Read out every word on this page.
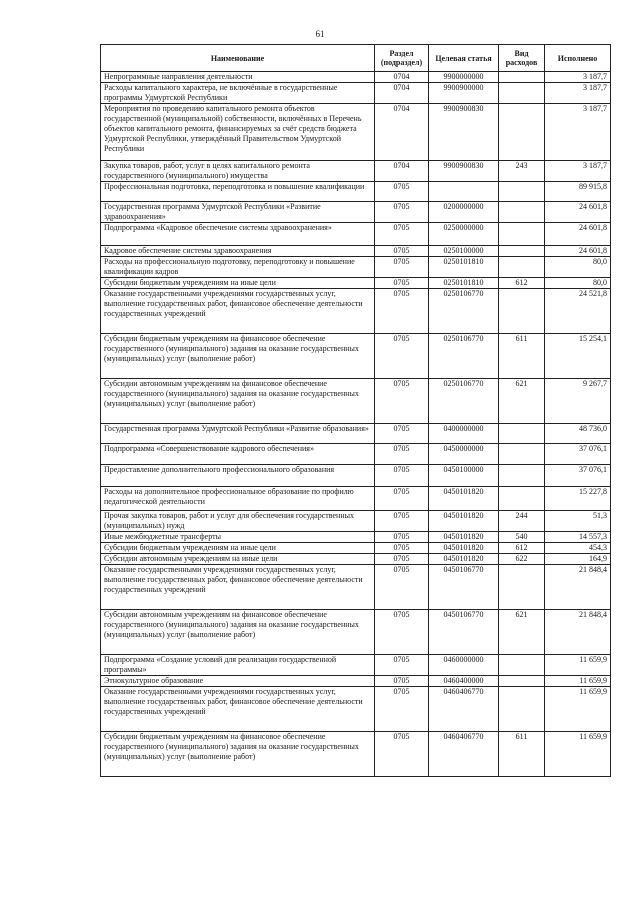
61
Наименование	Раздел (подраздел)	Целевая статья	Вид расходов	Исполнено
Непрограммные направления деятельности	0704	9900000000		3 187,7
Расходы капитального характера, не включённые в государственные программы Удмуртской Республики	0704	9900900000		3 187,7
Мероприятия по проведению капитального ремонта объектов государственной (муниципальной) собственности, включённых в Перечень объектов капитального ремонта, финансируемых за счёт средств бюджета Удмуртской Республики, утверждённый Правительством Удмуртской Республики	0704	9900900830		3 187,7
Закупка товаров, работ, услуг в целях капитального ремонта государственного (муниципального) имущества	0704	9900900830	243	3 187,7
Профессиональная подготовка, переподготовка и повышение квалификации	0705			89 915,8
Государственная программа Удмуртской Республики «Развитие здравоохранения»	0705	0200000000		24 601,8
Подпрограмма «Кадровое обеспечение системы здравоохранения»	0705	0250000000		24 601,8
Кадровое обеспечение системы здравоохранения	0705	0250100000		24 601,8
Расходы на профессиональную подготовку, переподготовку и повышение квалификации кадров	0705	0250101810		80,0
Субсидии бюджетным учреждениям на иные цели	0705	0250101810	612	80,0
Оказание государственными учреждениями государственных услуг, выполнение государственных работ, финансовое обеспечение деятельности государственных учреждений	0705	0250106770		24 521,8
Субсидии бюджетным учреждениям на финансовое обеспечение государственного (муниципального) задания на оказание государственных (муниципальных) услуг (выполнение работ)	0705	0250106770	611	15 254,1
Субсидии автономным учреждениям на финансовое обеспечение государственного (муниципального) задания на оказание государственных (муниципальных) услуг (выполнение работ)	0705	0250106770	621	9 267,7
Государственная программа Удмуртской Республики «Развитие образования»	0705	0400000000		48 736,0
Подпрограмма «Совершенствование кадрового обеспечения»	0705	0450000000		37 076,1
Предоставление дополнительного профессионального образования	0705	0450100000		37 076,1
Расходы на дополнительное профессиональное образование по профилю педагогической деятельности	0705	0450101820		15 227,8
Прочая закупка товаров, работ и услуг для обеспечения государственных (муниципальных) нужд	0705	0450101820	244	51,3
Иные межбюджетные трансферты	0705	0450101820	540	14 557,3
Субсидии бюджетным учреждениям на иные цели	0705	0450101820	612	454,3
Субсидии автономным учреждениям на иные цели	0705	0450101820	622	164,9
Оказание государственными учреждениями государственных услуг, выполнение государственных работ, финансовое обеспечение деятельности государственных учреждений	0705	0450106770		21 848,4
Субсидии автономным учреждениям на финансовое обеспечение государственного (муниципального) задания на оказание государственных (муниципальных) услуг (выполнение работ)	0705	0450106770	621	21 848,4
Подпрограмма «Создание условий для реализации государственной программы»	0705	0460000000		11 659,9
Этнокультурное образование	0705	0460400000		11 659,9
Оказание государственными учреждениями государственных услуг, выполнение государственных работ, финансовое обеспечение деятельности государственных учреждений	0705	0460406770		11 659,9
Субсидии бюджетным учреждениям на финансовое обеспечение государственного (муниципального) задания на оказание государственных (муниципальных) услуг (выполнение работ)	0705	0460406770	611	11 659,9
